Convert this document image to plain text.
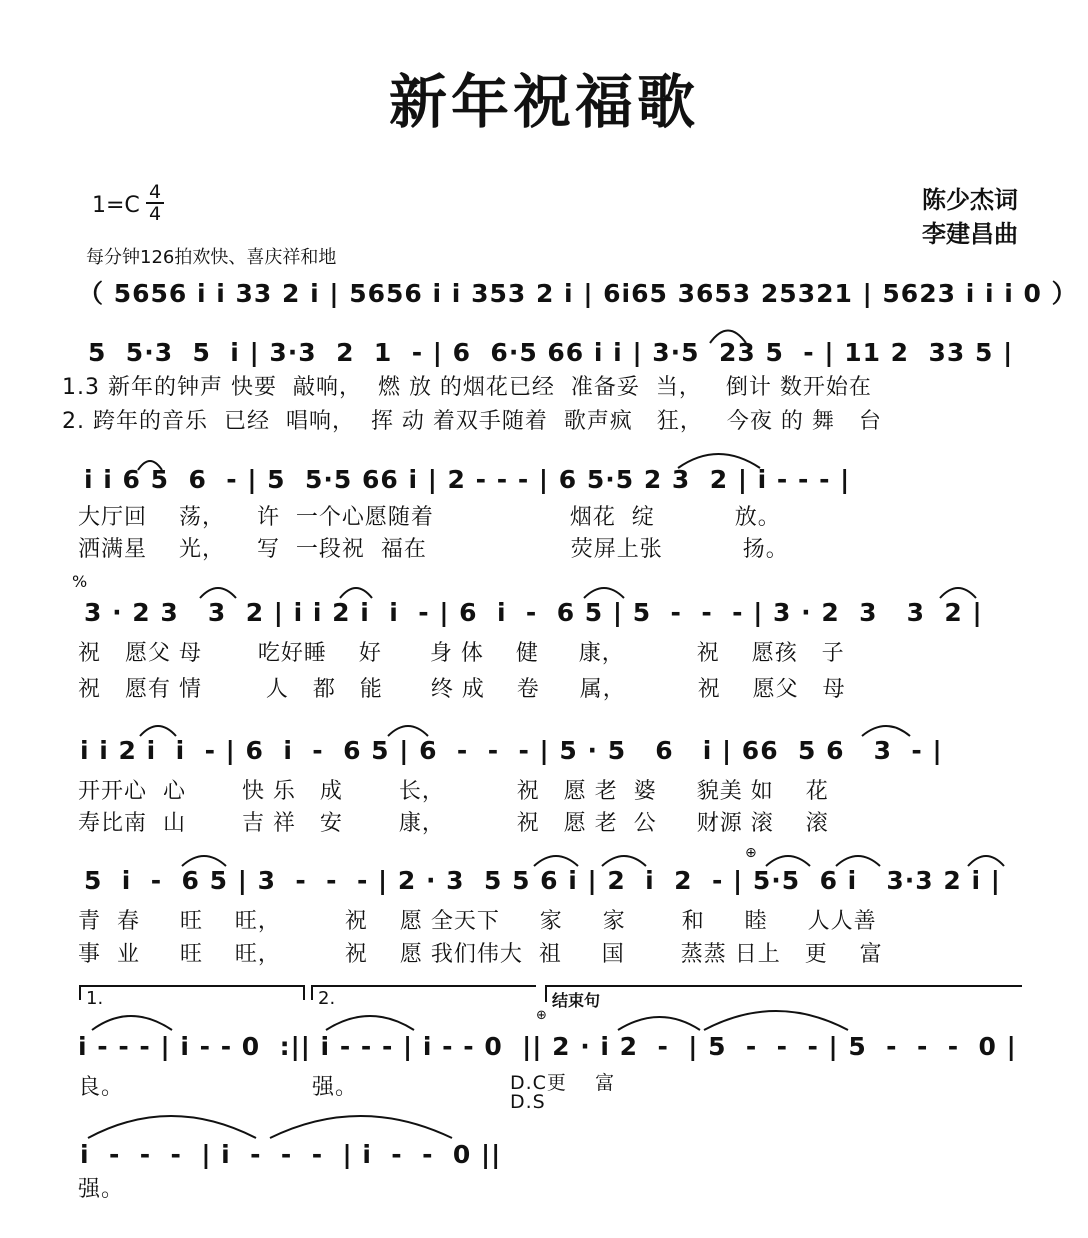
新年祝福歌
1=C
4
4
每分钟126拍欢快、喜庆祥和地
陈少杰词
李建昌曲
（ 5656 i i 33 2 i | 5656 i i 353 2 i | 6i65 3653 25321 | 5623 i i i 0 ）
5  5·3  5  i | 3·3  2  1  - | 6  6·5 66 i i | 3·5  23 5  - | 11 2  33 5 |
1.3 新年的钟声 快要  敲响，  燃 放 的烟花已经  准备妥  当，   倒计 数开始在
2. 跨年的音乐  已经  唱响，  挥 动 着双手随着  歌声疯   狂，   今夜 的 舞   台
i i 6 5  6  - | 5  5·5 66 i | 2 - - - | 6 5·5 2 3  2 | i - - - |
大厅回    荡，    许  一个心愿随着                 烟花  绽          放。
洒满星    光，    写  一段祝  福在                  荧屏上张          扬。
%
3 · 2 3   3  2 | i i 2 i  i  - | 6  i  -  6 5 | 5  -  -  - | 3 · 2  3   3  2 |
祝   愿父 母       吃好睡    好      身 体    健     康，         祝    愿孩   子
祝   愿有 情        人   都   能      终 成    卷     属，         祝    愿父   母
i i 2 i  i  - | 6  i  -  6 5 | 6  -  -  - | 5 · 5   6   i | 66  5 6   3  - |
开开心  心       快 乐   成       长，         祝   愿 老  婆     貌美 如    花
寿比南  山       吉 祥   安       康，         祝   愿 老  公     财源 滚    滚
⊕
5  i  -  6 5 | 3  -  -  - | 2 · 3  5 5 6 i | 2  i  2  - | 5·5  6 i   3·3 2 i |
青  春     旺    旺，        祝    愿 全天下     家     家       和     睦     人人善
事  业     旺    旺，        祝    愿 我们伟大  祖     国       蒸蒸 日上   更    富
1.	2.	结束句
⊕
i - - - | i - - 0  :|| i - - - | i - - 0  || 2 · i 2  -  | 5  -  -  - | 5  -  -  -  0 |
良。	强。	D.C更    富
D.S
i  -  -  -  | i  -  -  -  | i  -  -  0 ||
强。
